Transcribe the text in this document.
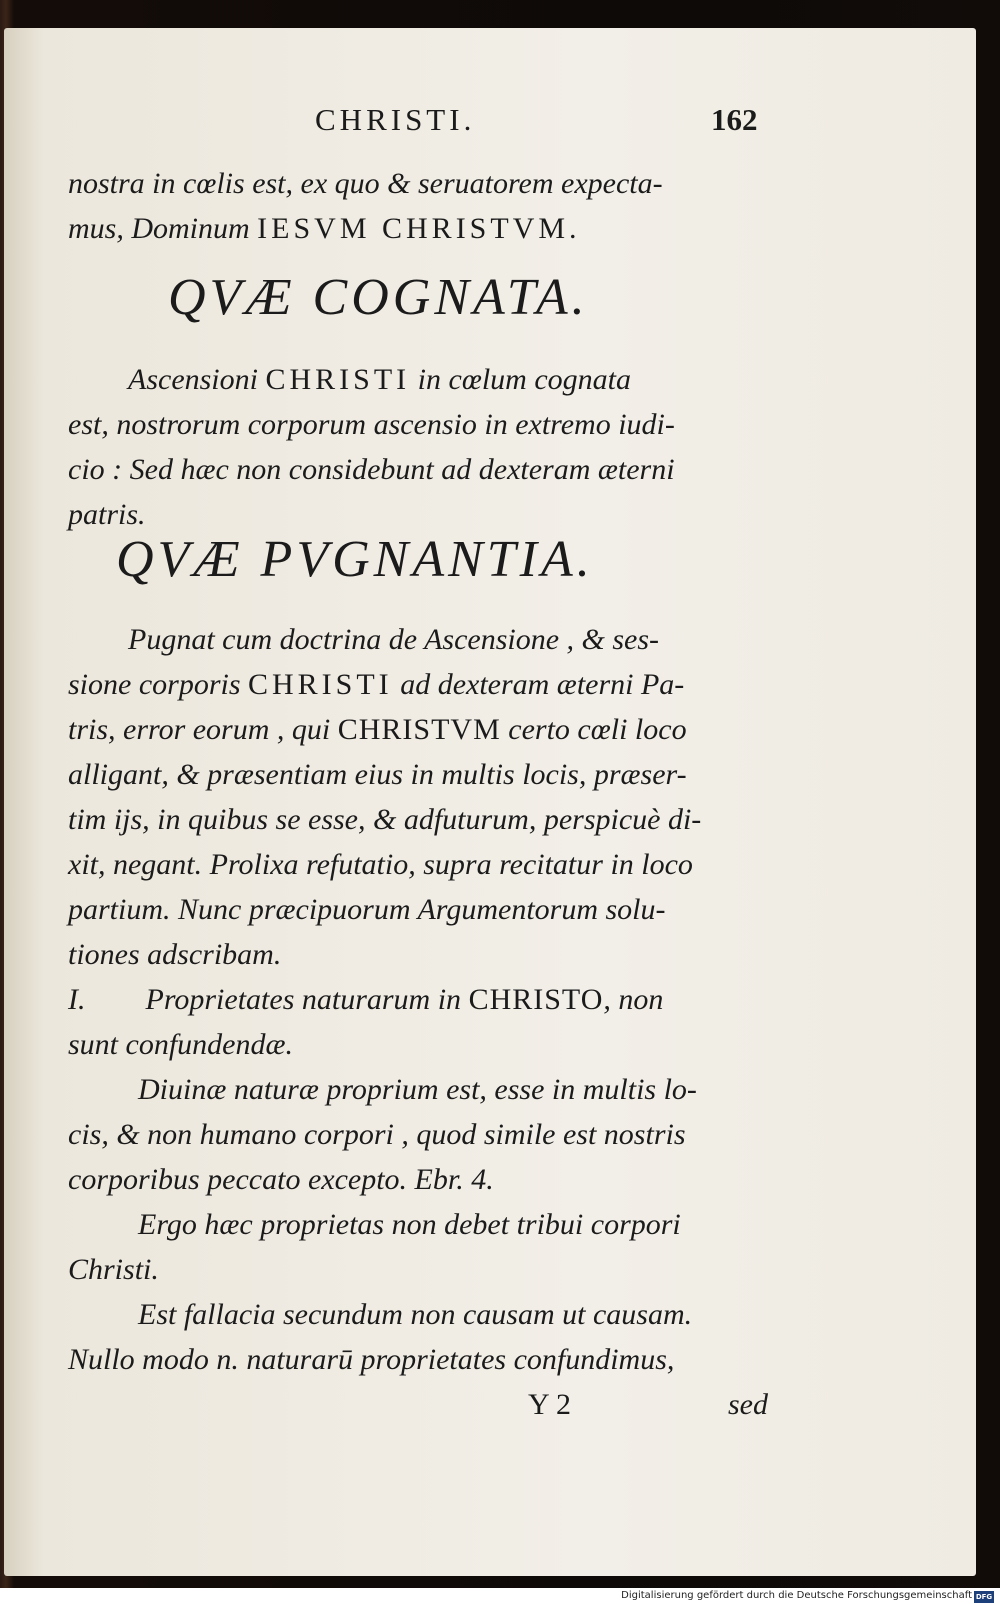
CHRISTI.	162
nostra in cœlis est, ex quo & seruatorem expecta-
mus, Dominum IESVM CHRISTVM.
QVÆ COGNATA.
Ascensioni CHRISTI in cœlum cognata
est, nostrorum corporum ascensio in extremo iudi-
cio : Sed hæc non considebunt ad dexteram æterni
patris.
QVÆ PVGNANTIA.
Pugnat cum doctrina de Ascensione , & ses-
sione corporis CHRISTI ad dexteram æterni Pa-
tris, error eorum , qui CHRISTVM certo cœli loco
alligant, & præsentiam eius in multis locis, præser-
tim ijs, in quibus se esse, & adfuturum, perspicuè di-
xit, negant. Prolixa refutatio, supra recitatur in loco
partium. Nunc præcipuorum Argumentorum solu-
tiones adscribam.
I. Proprietates naturarum in CHRISTO, non
sunt confundendæ.
Diuinæ naturæ proprium est, esse in multis lo-
cis, & non humano corpori , quod simile est nostris
corporibus peccato excepto. Ebr. 4.
Ergo hæc proprietas non debet tribui corpori
Christi.
Est fallacia secundum non causam ut causam.
Nullo modo n. naturarū proprietates confundimus,
Y 2	sed
Digitalisierung gefördert durch die Deutsche Forschungsgemeinschaft DFG
